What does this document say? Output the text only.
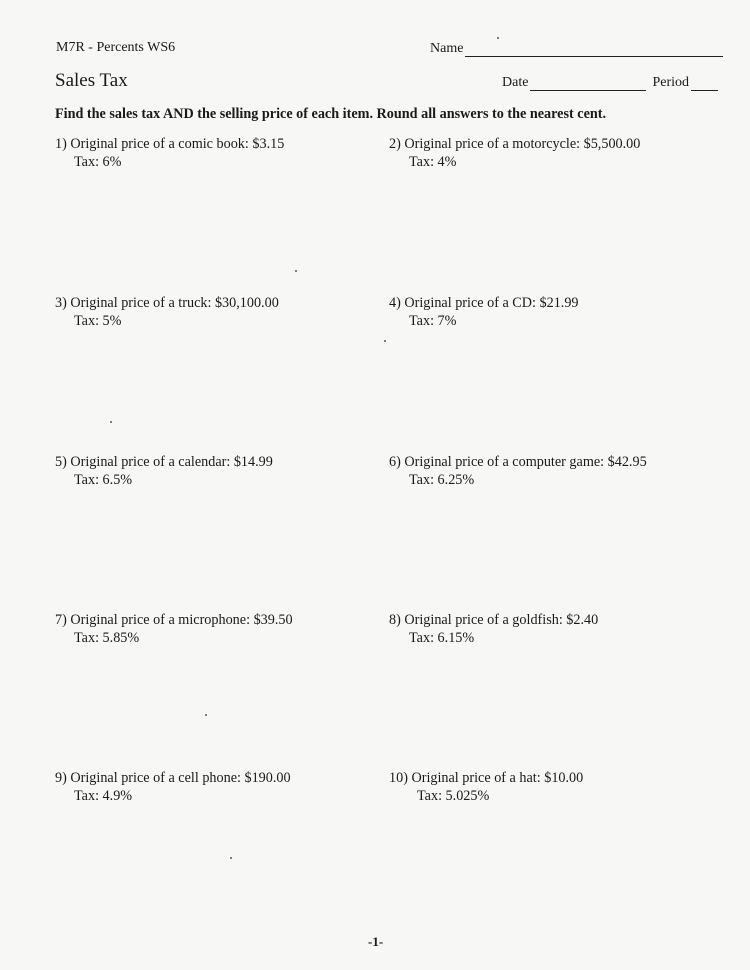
M7R - Percents WS6
Sales Tax
Name
Date	Period
Find the sales tax AND the selling price of each item. Round all answers to the nearest cent.
1) Original price of a comic book: $3.15
Tax: 6%
2) Original price of a motorcycle: $5,500.00
Tax: 4%
3) Original price of a truck: $30,100.00
Tax: 5%
4) Original price of a CD: $21.99
Tax: 7%
5) Original price of a calendar: $14.99
Tax: 6.5%
6) Original price of a computer game: $42.95
Tax: 6.25%
7) Original price of a microphone: $39.50
Tax: 5.85%
8) Original price of a goldfish: $2.40
Tax: 6.15%
9) Original price of a cell phone: $190.00
Tax: 4.9%
10) Original price of a hat: $10.00
Tax: 5.025%
-1-
